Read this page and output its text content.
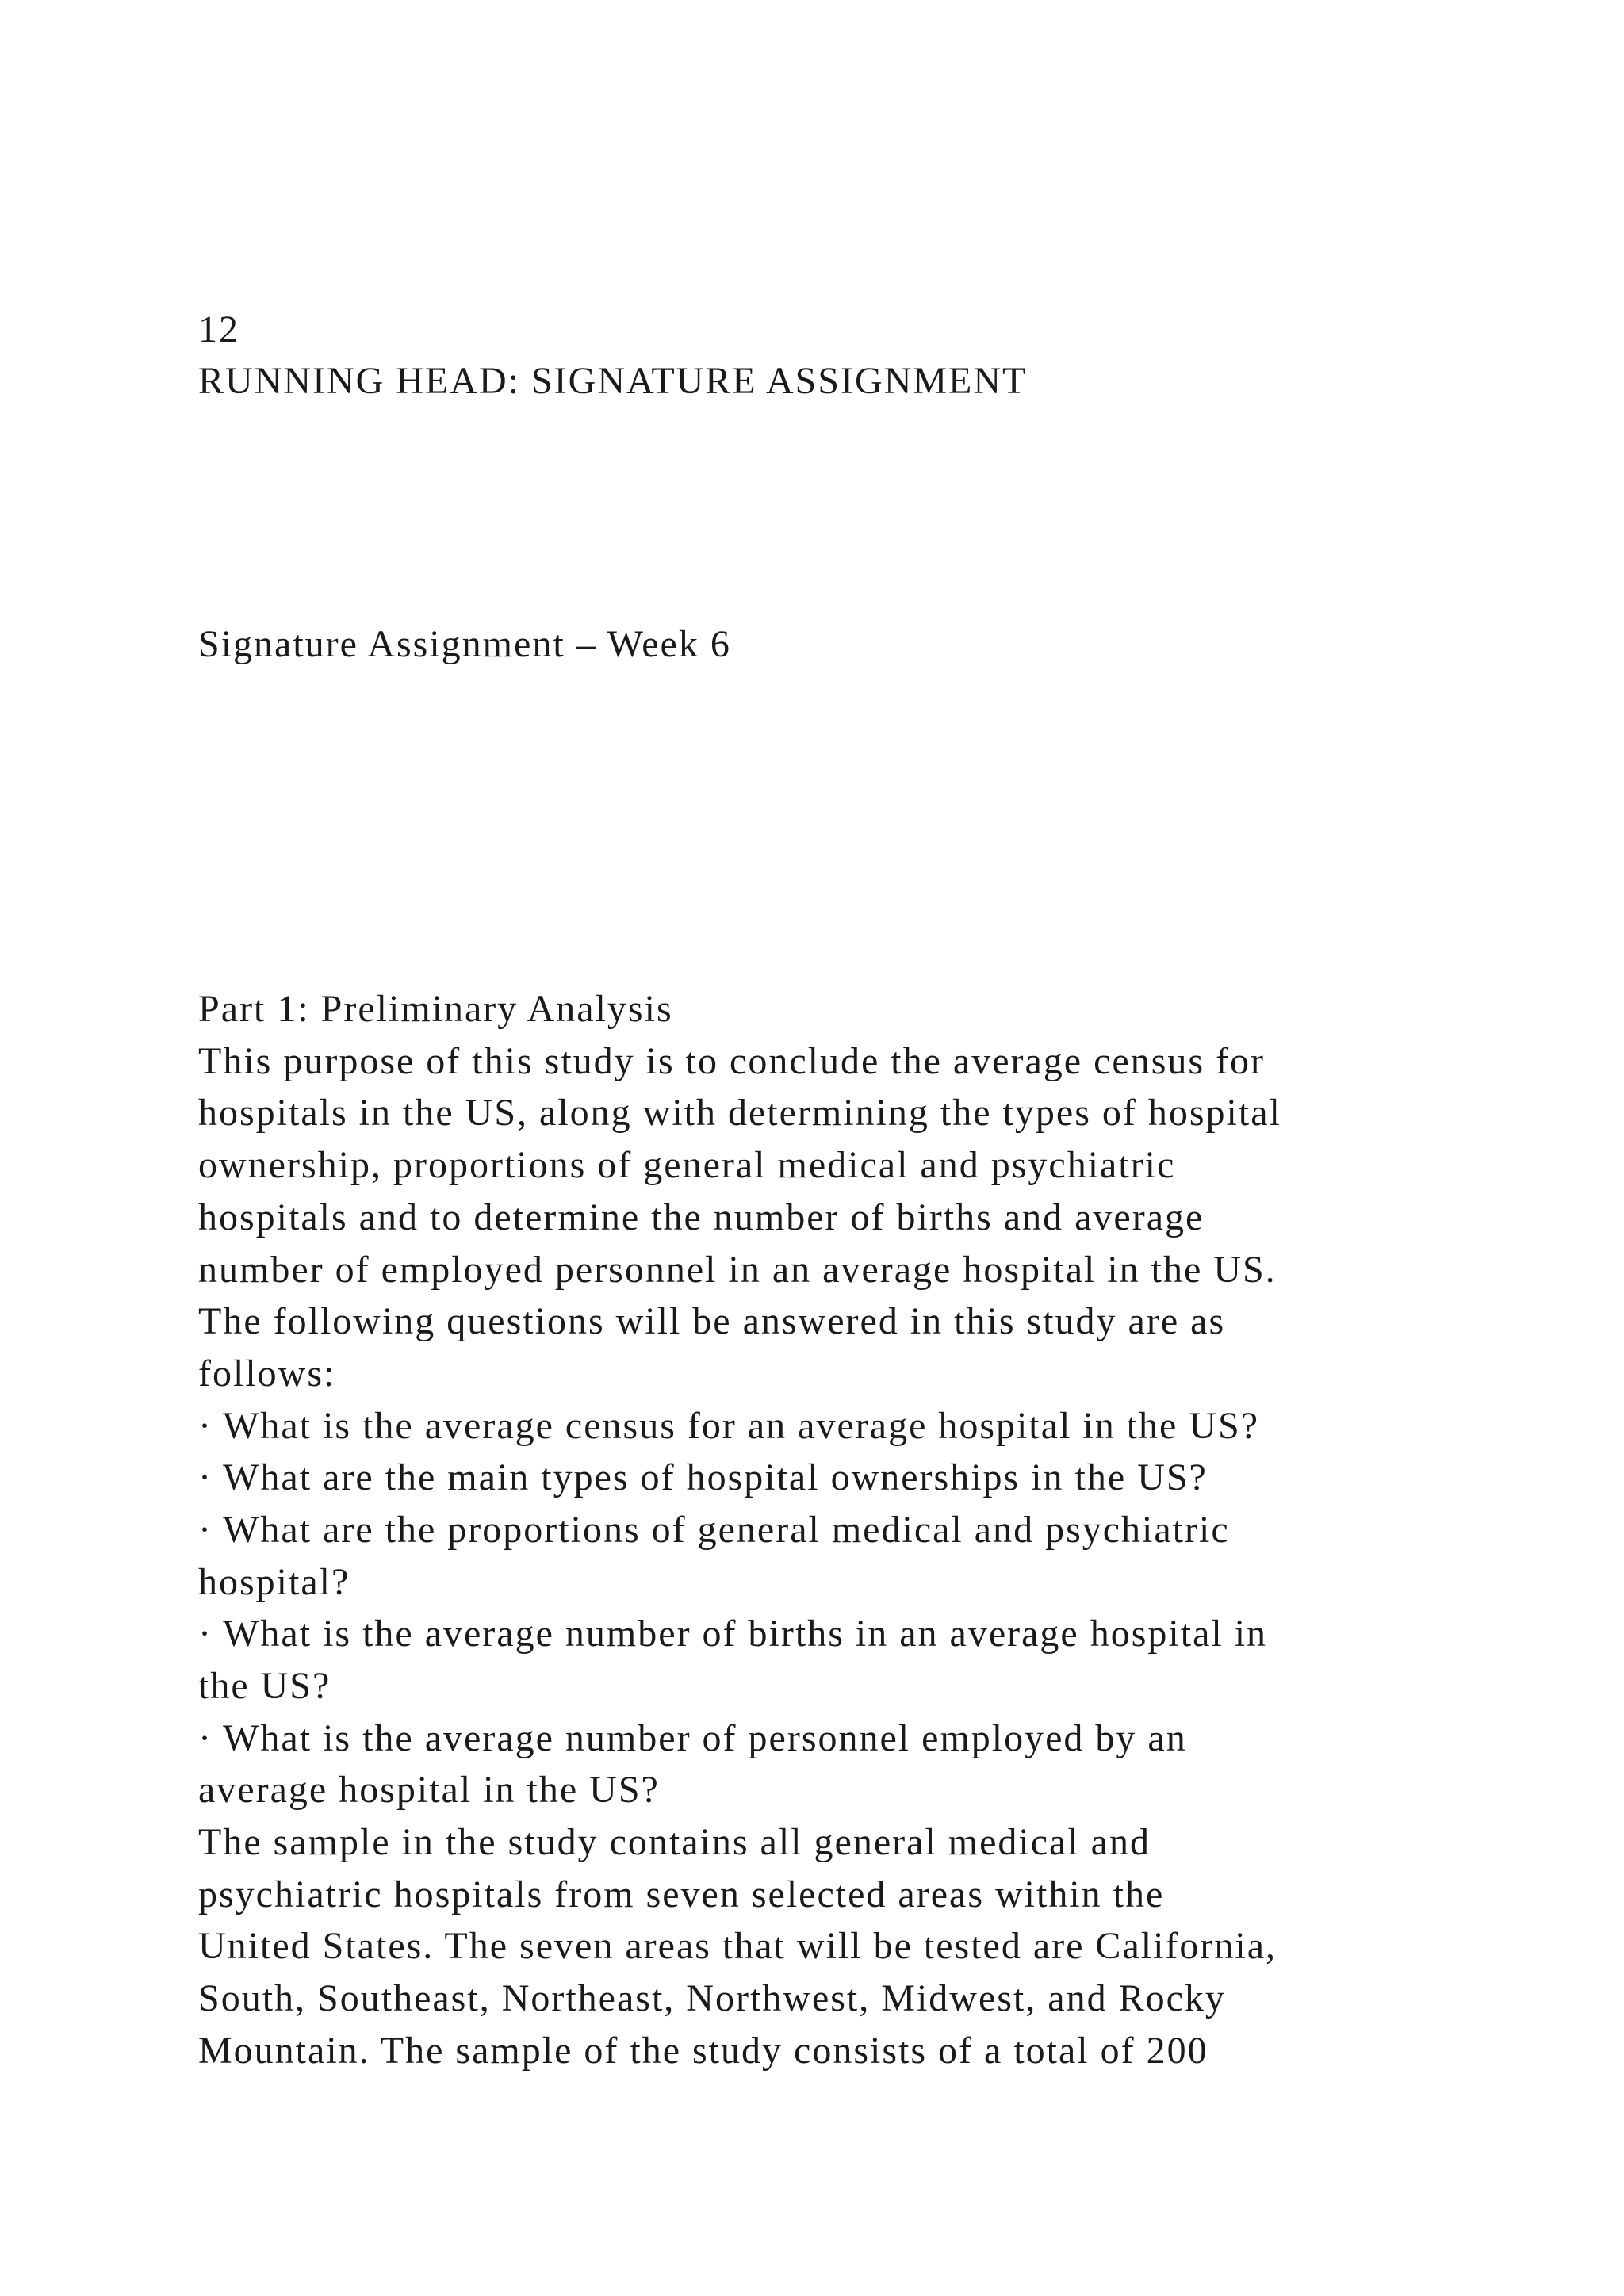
12
RUNNING HEAD: SIGNATURE ASSIGNMENT
Signature Assignment – Week 6
Part 1: Preliminary Analysis
This purpose of this study is to conclude the average census for
hospitals in the US, along with determining the types of hospital
ownership, proportions of general medical and psychiatric
hospitals and to determine the number of births and average
number of employed personnel in an average hospital in the US.
The following questions will be answered in this study are as
follows:
· What is the average census for an average hospital in the US?
· What are the main types of hospital ownerships in the US?
· What are the proportions of general medical and psychiatric
hospital?
· What is the average number of births in an average hospital in
the US?
· What is the average number of personnel employed by an
average hospital in the US?
The sample in the study contains all general medical and
psychiatric hospitals from seven selected areas within the
United States. The seven areas that will be tested are California,
South, Southeast, Northeast, Northwest, Midwest, and Rocky
Mountain. The sample of the study consists of a total of 200
